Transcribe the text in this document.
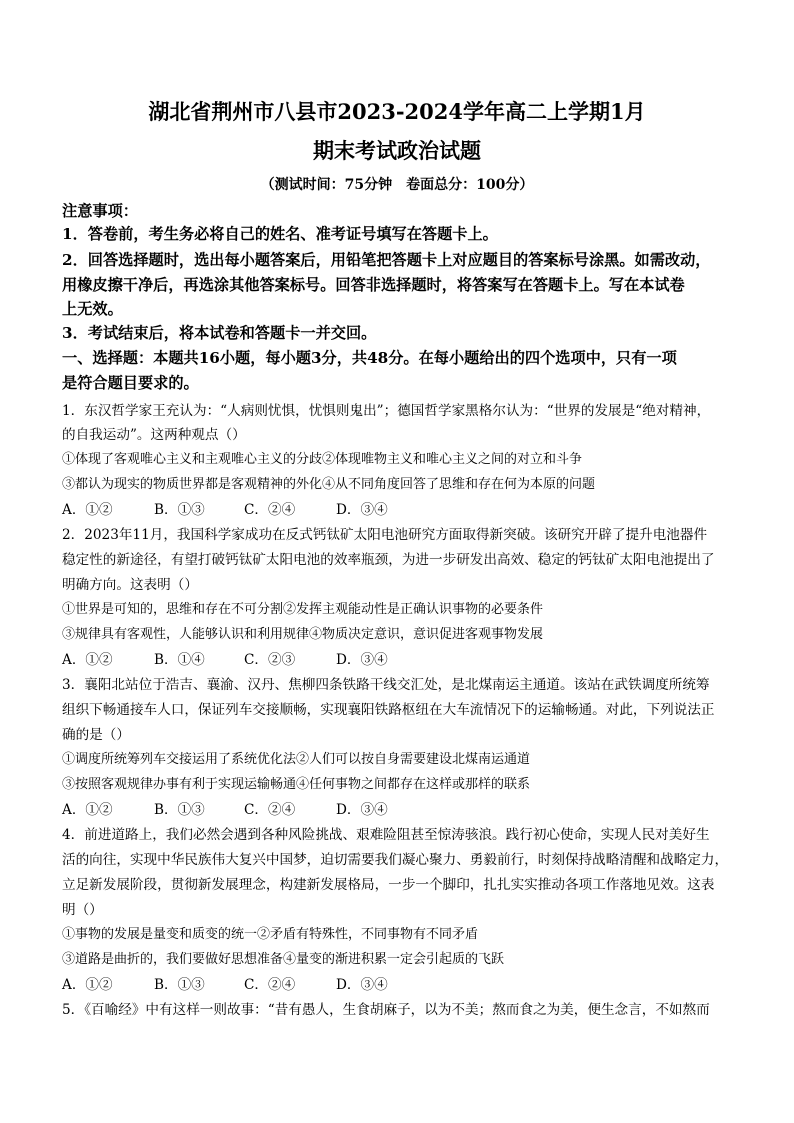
湖北省荆州市八县市2023-2024学年高二上学期1月
期末考试政治试题
（测试时间：75分钟　卷面总分：100分）
注意事项：
1．答卷前，考生务必将自己的姓名、准考证号填写在答题卡上。
2．回答选择题时，选出每小题答案后，用铅笔把答题卡上对应题目的答案标号涂黑。如需改动，
用橡皮擦干净后，再选涂其他答案标号。回答非选择题时，将答案写在答题卡上。写在本试卷
上无效。
3．考试结束后，将本试卷和答题卡一并交回。
一、选择题：本题共16小题，每小题3分，共48分。在每小题给出的四个选项中，只有一项
是符合题目要求的。
1．东汉哲学家王充认为：“人病则忧惧，忧惧则鬼出”；德国哲学家黑格尔认为：“世界的发展是“绝对精神，
的自我运动”。这两种观点（）
①体现了客观唯心主义和主观唯心主义的分歧②体现唯物主义和唯心主义之间的对立和斗争
③都认为现实的物质世界都是客观精神的外化④从不同角度回答了思维和存在何为本原的问题
A．①②	B．①③	C．②④	D．③④
2．2023年11月，我国科学家成功在反式钙钛矿太阳电池研究方面取得新突破。该研究开辟了提升电池器件
稳定性的新途径，有望打破钙钛矿太阳电池的效率瓶颈，为进一步研发出高效、稳定的钙钛矿太阳电池提出了
明确方向。这表明（）
①世界是可知的，思维和存在不可分割②发挥主观能动性是正确认识事物的必要条件
③规律具有客观性，人能够认识和利用规律④物质决定意识，意识促进客观事物发展
A．①②	B．①④	C．②③	D．③④
3．襄阳北站位于浩吉、襄渝、汉丹、焦柳四条铁路干线交汇处，是北煤南运主通道。该站在武铁调度所统筹
组织下畅通接车人口，保证列车交接顺畅，实现襄阳铁路枢纽在大车流情况下的运输畅通。对此，下列说法正
确的是（）
①调度所统筹列车交接运用了系统优化法②人们可以按自身需要建设北煤南运通道
③按照客观规律办事有利于实现运输畅通④任何事物之间都存在这样或那样的联系
A．①②	B．①③	C．②④	D．③④
4．前进道路上，我们必然会遇到各种风险挑战、艰难险阻甚至惊涛骇浪。践行初心使命，实现人民对美好生
活的向往，实现中华民族伟大复兴中国梦，迫切需要我们凝心聚力、勇毅前行，时刻保持战略清醒和战略定力，
立足新发展阶段，贯彻新发展理念，构建新发展格局，一步一个脚印，扎扎实实推动各项工作落地见效。这表
明（）
①事物的发展是量变和质变的统一②矛盾有特殊性，不同事物有不同矛盾
③道路是曲折的，我们要做好思想准备④量变的渐进积累一定会引起质的飞跃
A．①②	B．①③	C．②④	D．③④
5．《百喻经》中有这样一则故事：“昔有愚人，生食胡麻子，以为不美；熬而食之为美，便生念言，不如熬而
